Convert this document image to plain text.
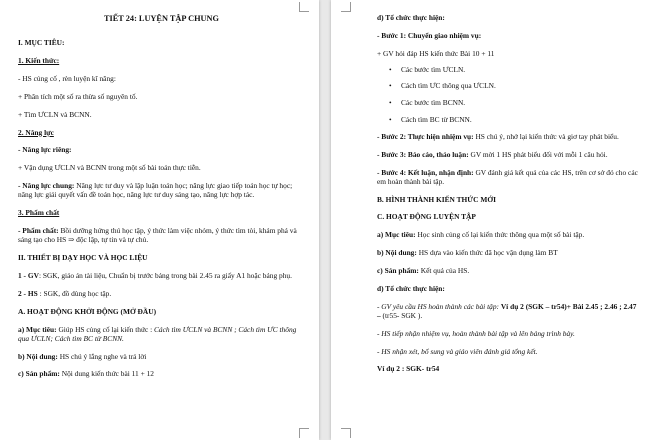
TIẾT 24: LUYỆN TẬP CHUNG

I. MỤC TIÊU:

1. Kiến thức:

- HS củng cố , rèn luyện kĩ năng:

+ Phân tích một số ra thừa số nguyên tố.

+ Tìm ƯCLN và BCNN.

2. Năng lực

- Năng lực riêng:

+ Vận dụng ƯCLN và BCNN trong một số bài toán thực tiễn.

- Năng lực chung: Năng lực tư duy và lập luận toán học; năng lực giao tiếp toán học tự học; năng lực giải quyết vấn đề toán học, năng lực tư duy sáng tạo, năng lực hợp tác.

3. Phẩm chất

- Phẩm chất: Bồi dưỡng hứng thú học tập, ý thức làm việc nhóm, ý thức tìm tòi, khám phá và sáng tạo cho HS ⇒ độc lập, tự tin và tự chủ.

II. THIẾT BỊ DẠY HỌC VÀ HỌC LIỆU

1 - GV: SGK, giáo án tài liệu, Chuẩn bị trước bảng trong bài 2.45 ra giấy A1 hoặc bảng phụ.

2 - HS : SGK, đồ dùng học tập.

A. HOẠT ĐỘNG KHỞI ĐỘNG (MỞ ĐẦU)

a) Mục tiêu: Giúp HS củng cố lại kiến thức : Cách tìm ƯCLN và BCNN ; Cách tìm ƯC thông qua ƯCLN; Cách tìm BC từ BCNN.

b) Nội dung: HS chú ý lắng nghe và trả lời

c) Sản phẩm: Nội dung kiến thức bài 11 + 12

d) Tổ chức thực hiện:

- Bước 1: Chuyển giao nhiệm vụ:

+ GV hỏi đáp HS kiến thức Bài 10 + 11

• Các bước tìm ƯCLN.
• Cách tìm ƯC thông qua ƯCLN.
• Các bước tìm BCNN.
• Cách tìm BC từ BCNN.

- Bước 2: Thực hiện nhiệm vụ: HS chú ý, nhớ lại kiến thức và giơ tay phát biểu.

- Bước 3: Báo cáo, thảo luận: GV mời 1 HS phát biểu đối với mỗi 1 câu hỏi.

- Bước 4: Kết luận, nhận định: GV đánh giá kết quả của các HS, trên cơ sở đó cho các em hoàn thành bài tập.

B. HÌNH THÀNH KIẾN THỨC MỚI

C. HOẠT ĐỘNG LUYỆN TẬP

a) Mục tiêu: Học sinh củng cố lại kiến thức thông qua một số bài tập.

b) Nội dung: HS dựa vào kiến thức đã học vận dụng làm BT

c) Sản phẩm: Kết quả của HS.

d) Tổ chức thực hiện:

- GV yêu cầu HS hoàn thành các bài tập: Ví dụ 2 (SGK – tr54)+ Bài 2.45 ; 2.46 ; 2.47 – (tr55- SGK ).

- HS tiếp nhận nhiệm vụ, hoàn thành bài tập và lên bảng trình bày.

- HS nhận xét, bổ sung và giáo viên đánh giá tổng kết.

Ví dụ 2 : SGK- tr54
